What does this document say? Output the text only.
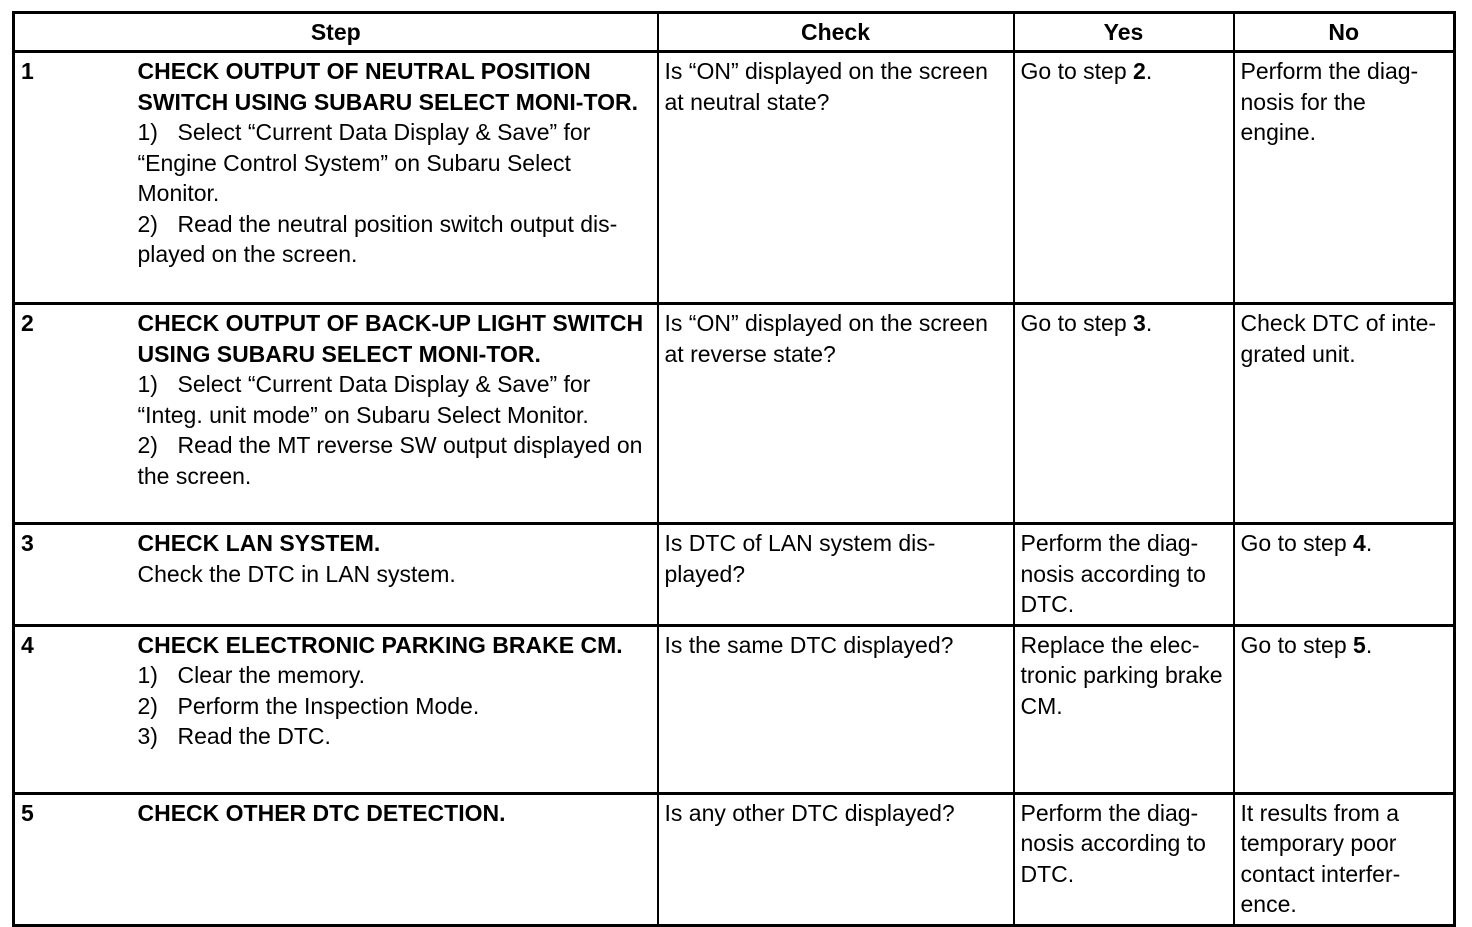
Step		Check	Yes	No
1	CHECK OUTPUT OF NEUTRAL POSITION SWITCH USING SUBARU SELECT MONI-TOR.
1) Select “Current Data Display & Save” for “Engine Control System” on Subaru Select Monitor.
2) Read the neutral position switch output dis-played on the screen.	Is “ON” displayed on the screen at neutral state?	Go to step 2.	Perform the diag-nosis for the engine.
2	CHECK OUTPUT OF BACK-UP LIGHT SWITCH USING SUBARU SELECT MONI-TOR.
1) Select “Current Data Display & Save” for “Integ. unit mode” on Subaru Select Monitor.
2) Read the MT reverse SW output displayed on the screen.	Is “ON” displayed on the screen at reverse state?	Go to step 3.	Check DTC of inte-grated unit.
3	CHECK LAN SYSTEM.
Check the DTC in LAN system.	Is DTC of LAN system dis-played?	Perform the diag-nosis according to DTC.	Go to step 4.
4	CHECK ELECTRONIC PARKING BRAKE CM.
1) Clear the memory.
2) Perform the Inspection Mode.
3) Read the DTC.	Is the same DTC displayed?	Replace the elec-tronic parking brake CM.	Go to step 5.
5	CHECK OTHER DTC DETECTION.	Is any other DTC displayed?	Perform the diag-nosis according to DTC.	It results from a temporary poor contact interfer-ence.
